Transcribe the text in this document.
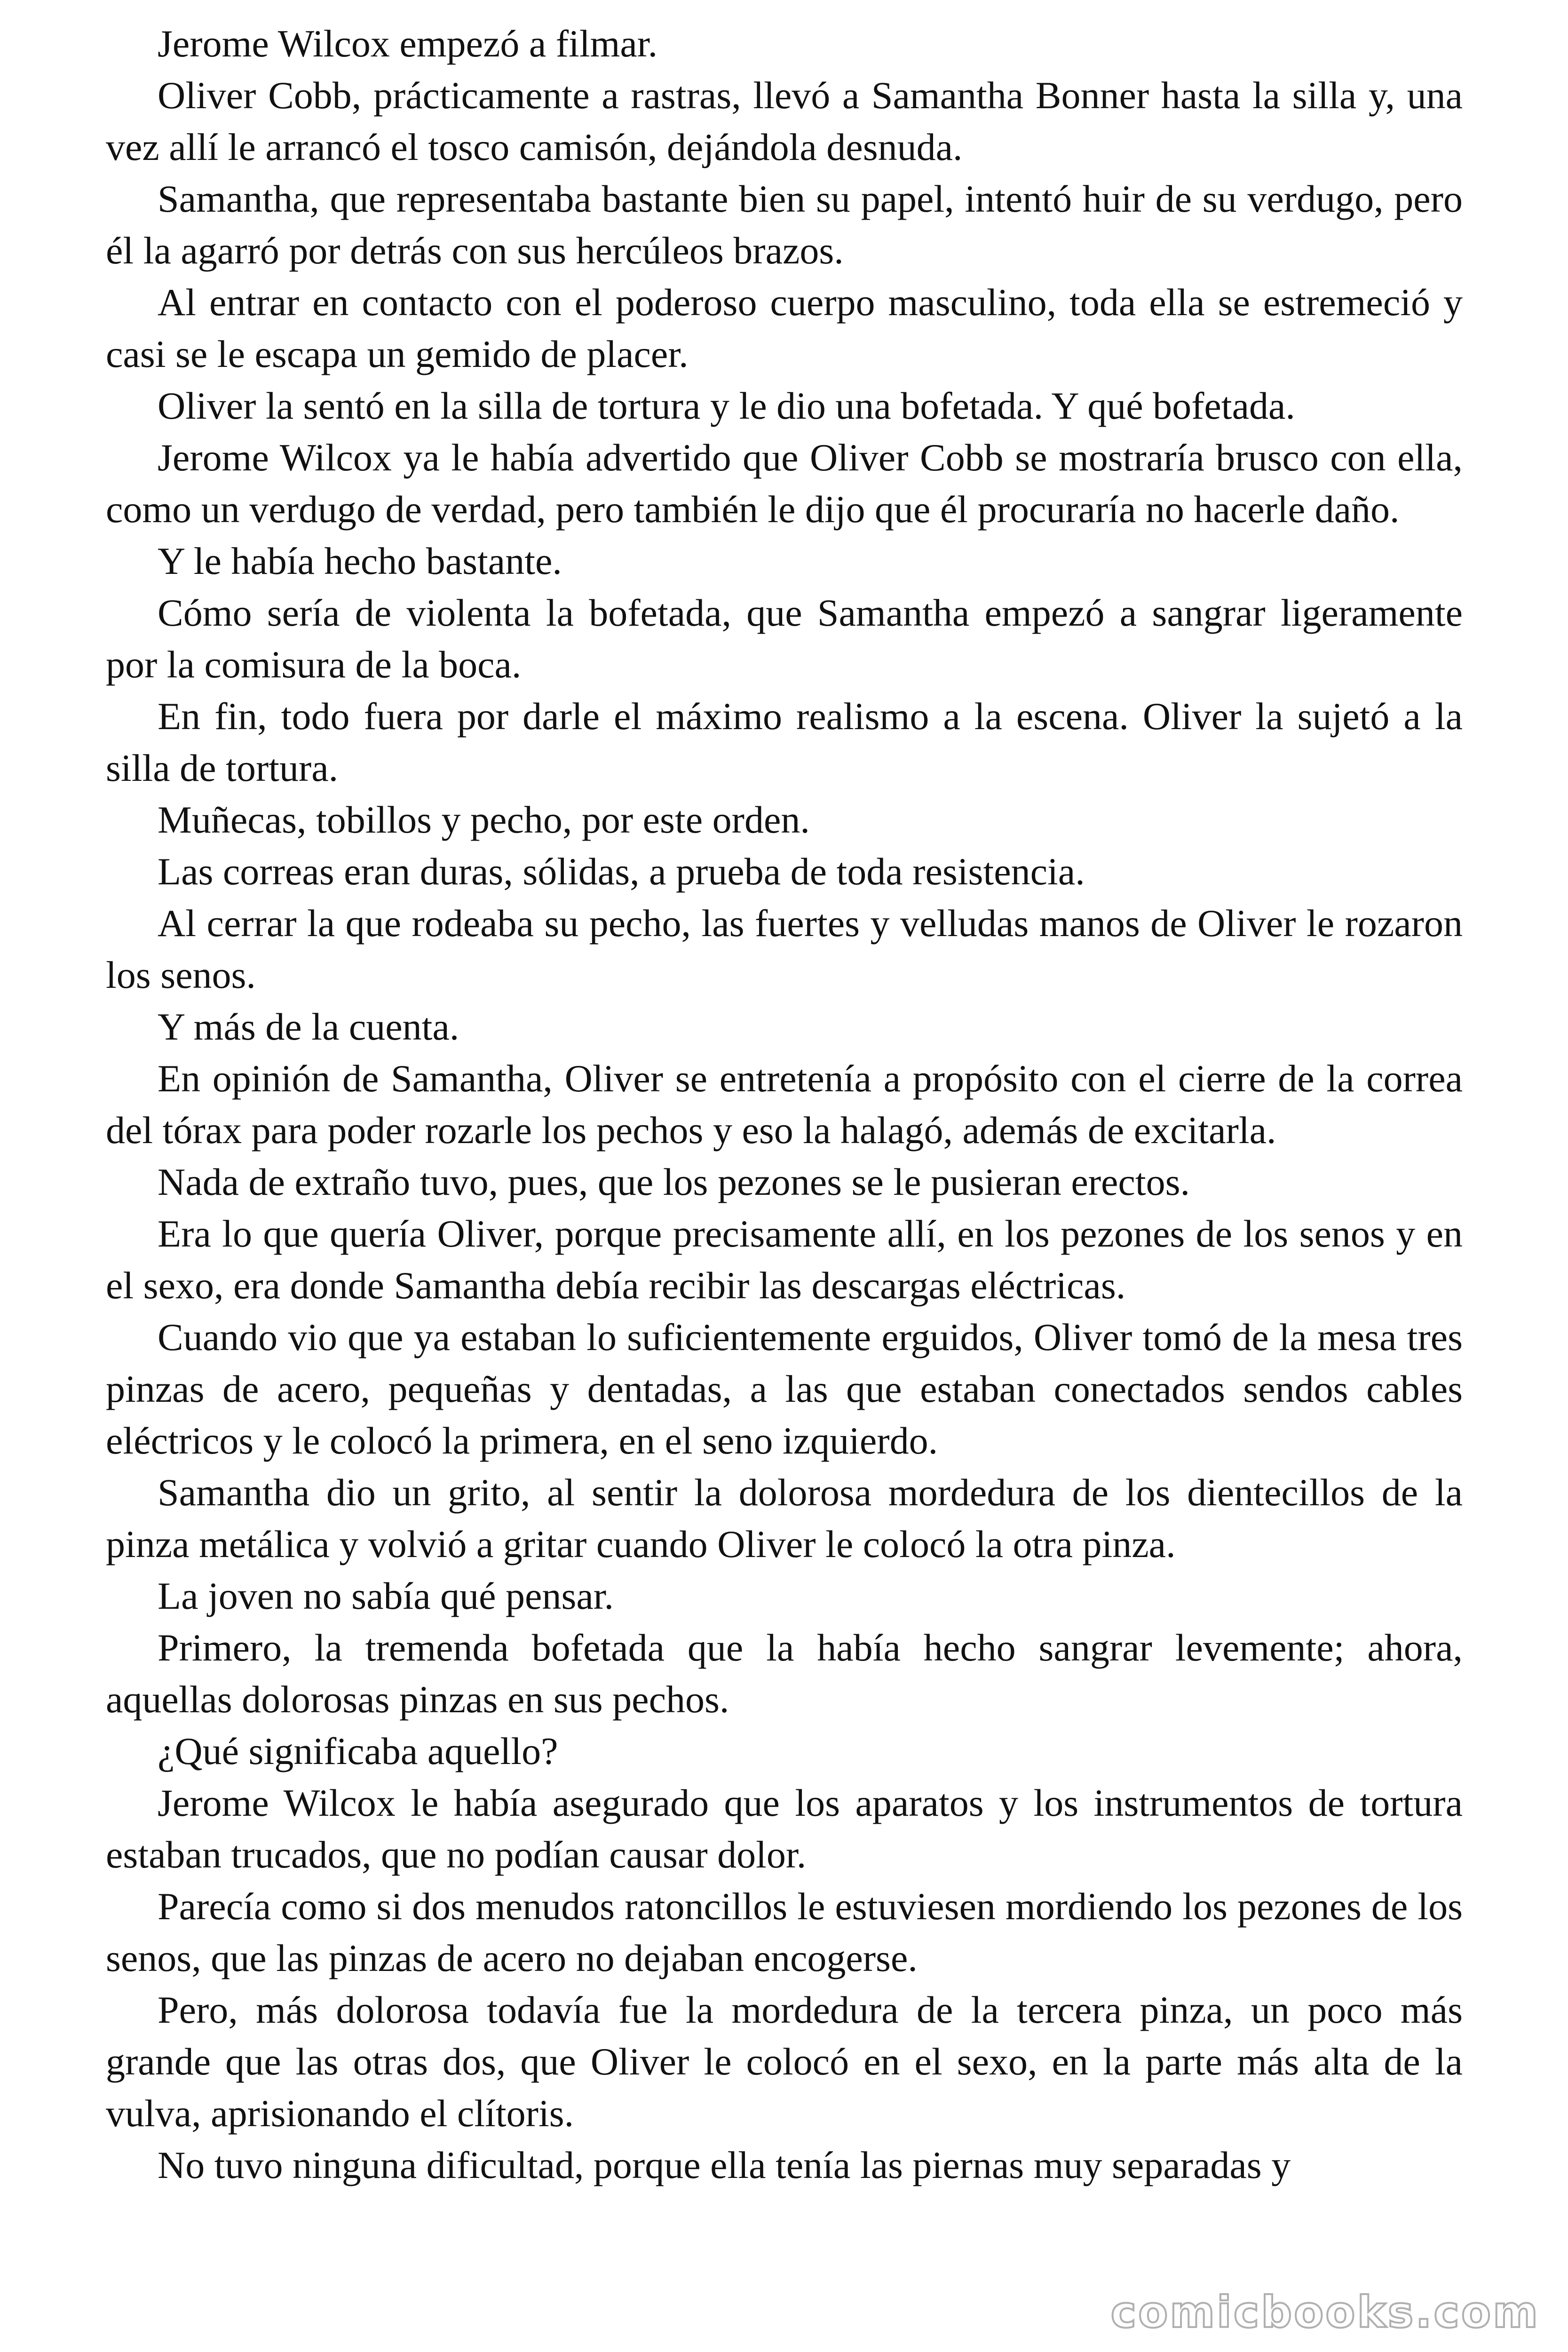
Jerome Wilcox empezó a filmar.

Oliver Cobb, prácticamente a rastras, llevó a Samantha Bonner hasta la silla y, una vez allí le arrancó el tosco camisón, dejándola desnuda.

Samantha, que representaba bastante bien su papel, intentó huir de su verdugo, pero él la agarró por detrás con sus hercúleos brazos.

Al entrar en contacto con el poderoso cuerpo masculino, toda ella se estremeció y casi se le escapa un gemido de placer.

Oliver la sentó en la silla de tortura y le dio una bofetada. Y qué bofetada.

Jerome Wilcox ya le había advertido que Oliver Cobb se mostraría brusco con ella, como un verdugo de verdad, pero también le dijo que él procuraría no hacerle daño.

Y le había hecho bastante.

Cómo sería de violenta la bofetada, que Samantha empezó a sangrar ligeramente por la comisura de la boca.

En fin, todo fuera por darle el máximo realismo a la escena. Oliver la sujetó a la silla de tortura.

Muñecas, tobillos y pecho, por este orden.

Las correas eran duras, sólidas, a prueba de toda resistencia.

Al cerrar la que rodeaba su pecho, las fuertes y velludas manos de Oliver le rozaron los senos.

Y más de la cuenta.

En opinión de Samantha, Oliver se entretenía a propósito con el cierre de la correa del tórax para poder rozarle los pechos y eso la halagó, además de excitarla.

Nada de extraño tuvo, pues, que los pezones se le pusieran erectos.

Era lo que quería Oliver, porque precisamente allí, en los pezones de los senos y en el sexo, era donde Samantha debía recibir las descargas eléctricas.

Cuando vio que ya estaban lo suficientemente erguidos, Oliver tomó de la mesa tres pinzas de acero, pequeñas y dentadas, a las que estaban conectados sendos cables eléctricos y le colocó la primera, en el seno izquierdo.

Samantha dio un grito, al sentir la dolorosa mordedura de los dientecillos de la pinza metálica y volvió a gritar cuando Oliver le colocó la otra pinza.

La joven no sabía qué pensar.

Primero, la tremenda bofetada que la había hecho sangrar levemente; ahora, aquellas dolorosas pinzas en sus pechos.

¿Qué significaba aquello?

Jerome Wilcox le había asegurado que los aparatos y los instrumentos de tortura estaban trucados, que no podían causar dolor.

Parecía como si dos menudos ratoncillos le estuviesen mordiendo los pezones de los senos, que las pinzas de acero no dejaban encogerse.

Pero, más dolorosa todavía fue la mordedura de la tercera pinza, un poco más grande que las otras dos, que Oliver le colocó en el sexo, en la parte más alta de la vulva, aprisionando el clítoris.

No tuvo ninguna dificultad, porque ella tenía las piernas muy separadas y

comicbooks.com
